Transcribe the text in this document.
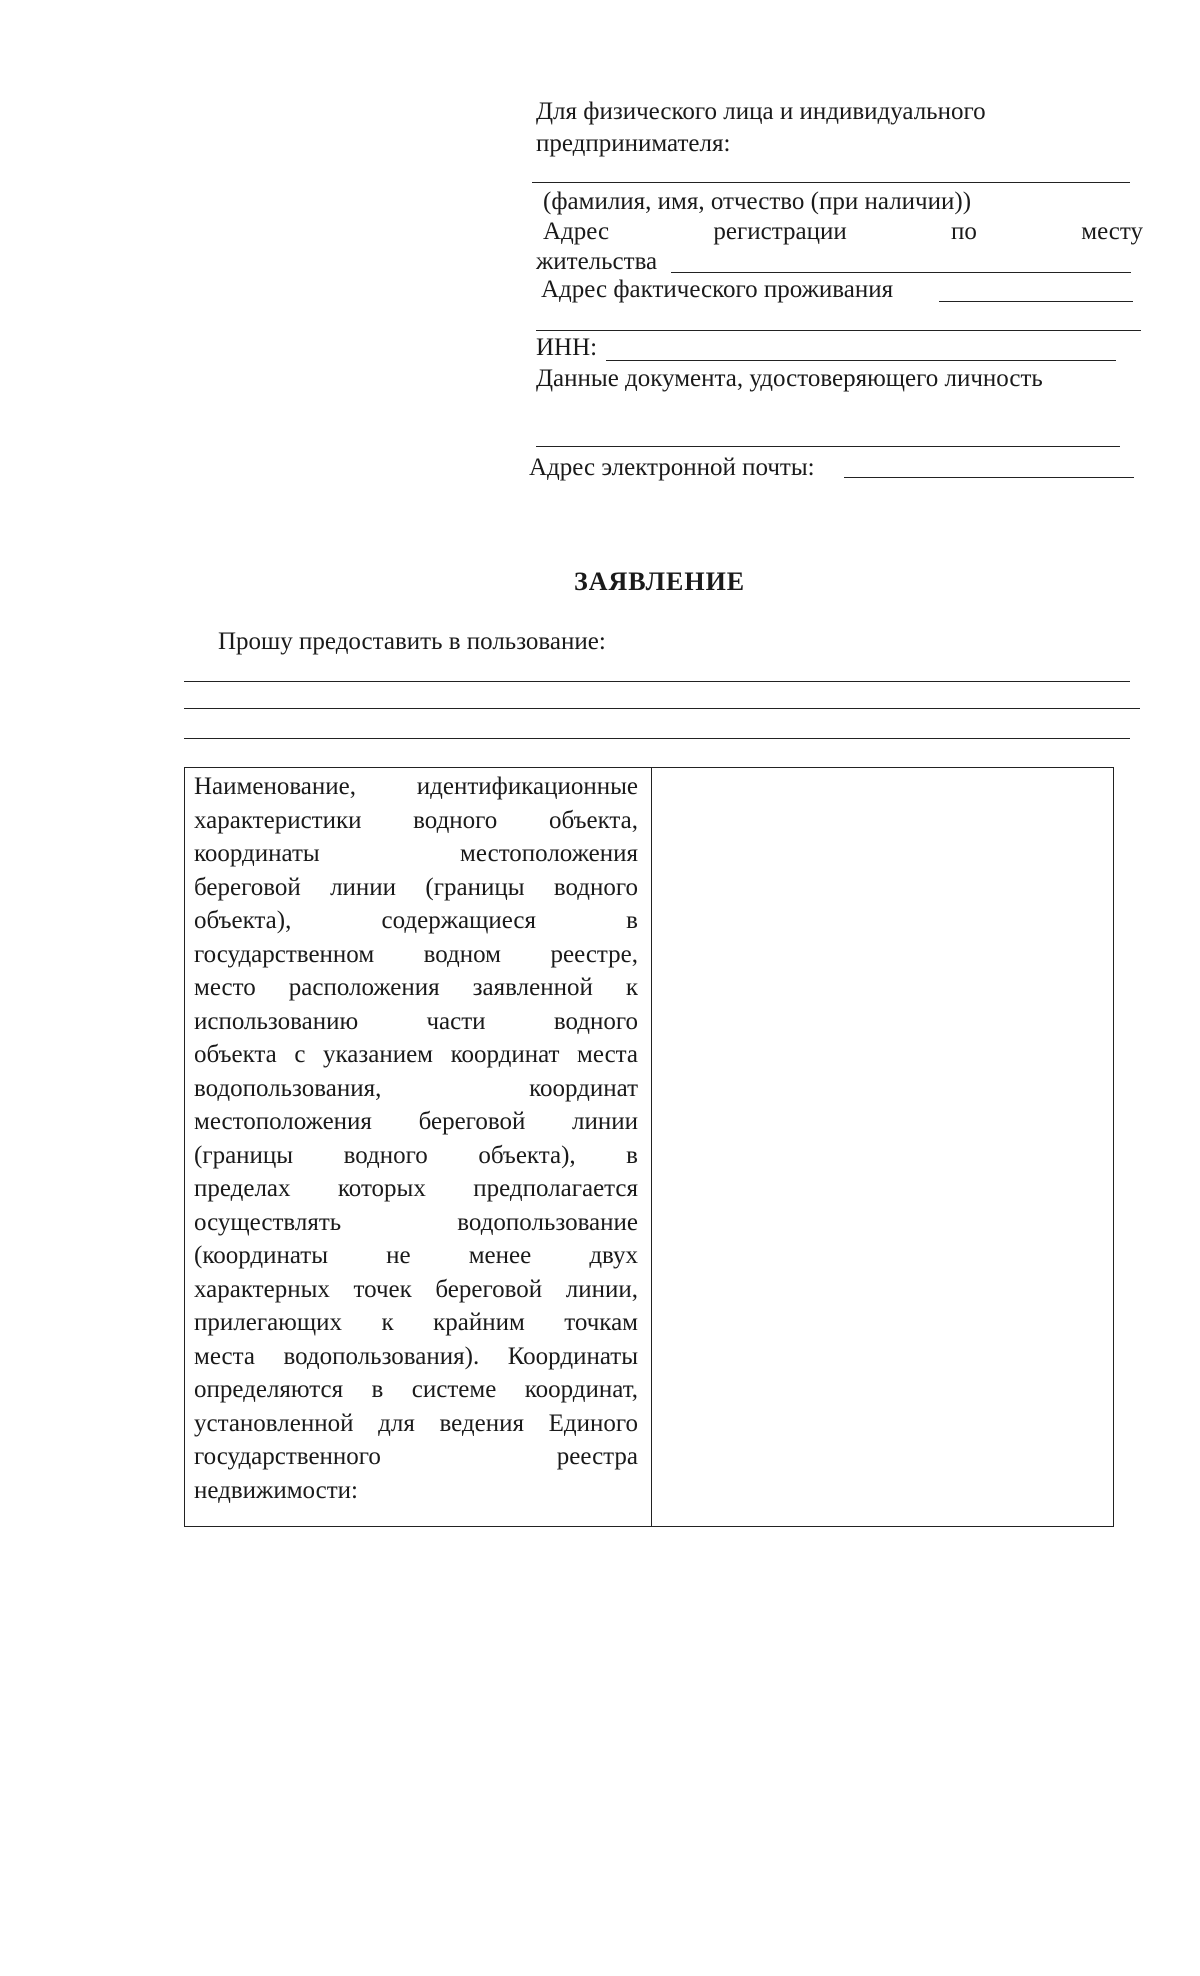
Для физического лица и индивидуального
предпринимателя:
(фамилия, имя, отчество (при наличии))
Адрес	регистрации	по	месту
жительства
Адрес фактического проживания
ИНН:
Данные документа, удостоверяющего личность
Адрес электронной почты:
ЗАЯВЛЕНИЕ
Прошу предоставить в пользование:
Наименование, идентификационные
характеристики водного объекта,
координаты местоположения
береговой линии (границы водного
объекта), содержащиеся в
государственном водном реестре,
место расположения заявленной к
использованию части водного
объекта с указанием координат места
водопользования, координат
местоположения береговой линии
(границы водного объекта), в
пределах которых предполагается
осуществлять водопользование
(координаты не менее двух
характерных точек береговой линии,
прилегающих к крайним точкам
места водопользования). Координаты
определяются в системе координат,
установленной для ведения Единого
государственного реестра
недвижимости:
